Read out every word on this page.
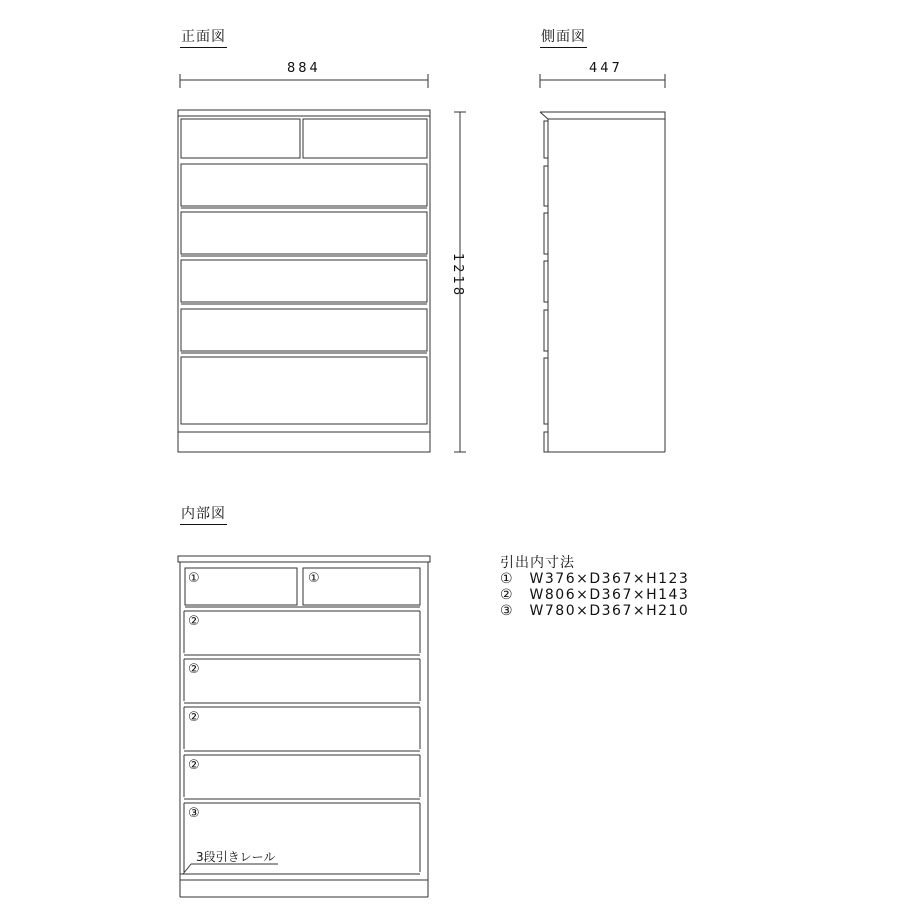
正面図	側面図
内部図
884	447
1218
①	①
②
②
②
②
③
3段引きレール
引出内寸法
①　W376×D367×H123
②　W806×D367×H143
③　W780×D367×H210
